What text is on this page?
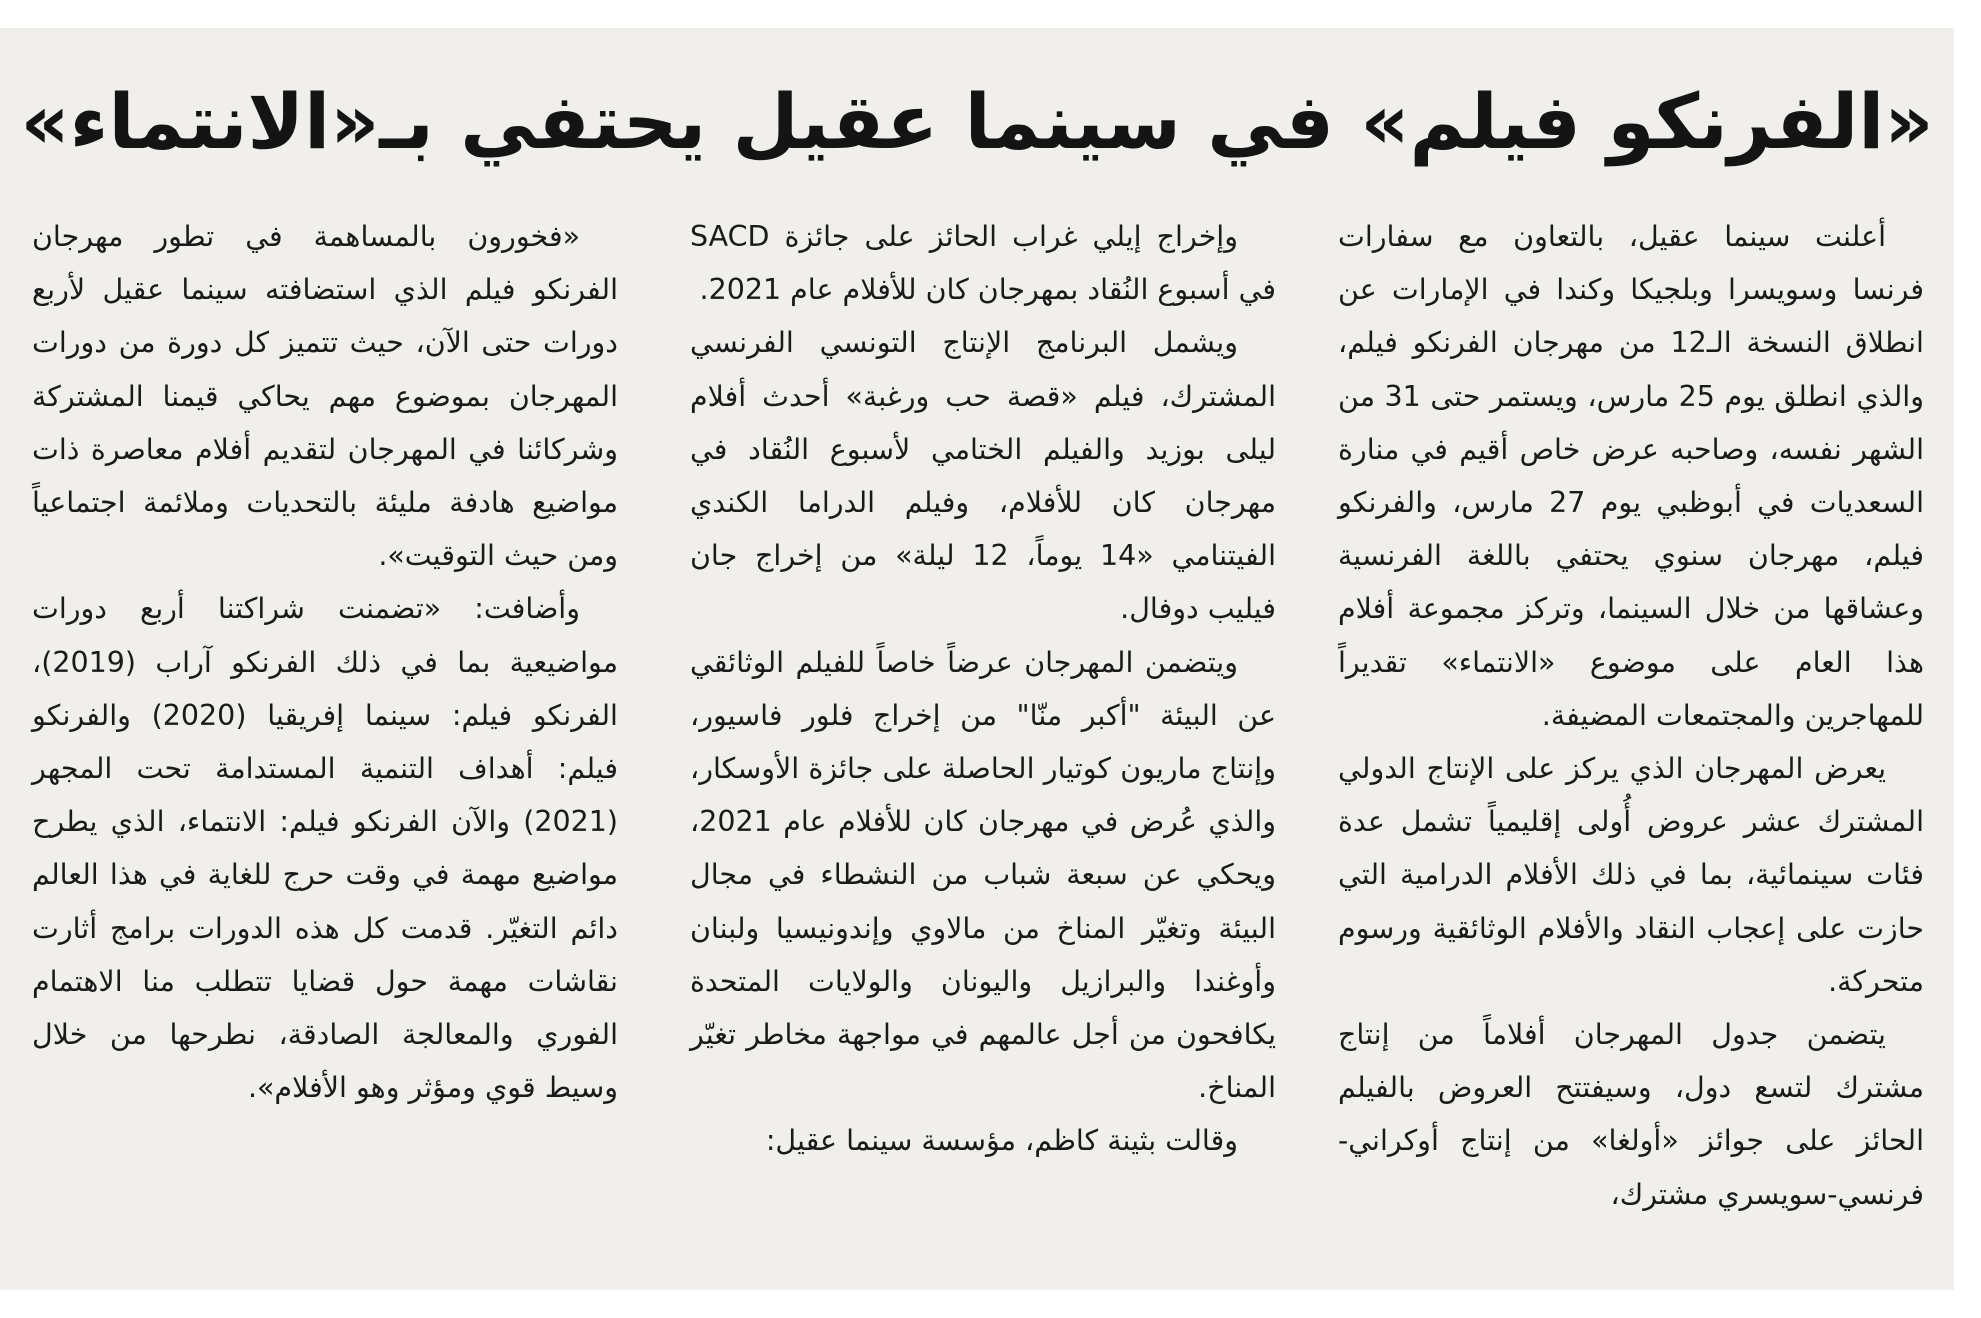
«الفرنكو فيلم» في سينما عقيل يحتفي بـ«الانتماء»

أعلنت سينما عقيل، بالتعاون مع سفارات فرنسا وسويسرا وبلجيكا وكندا في الإمارات عن انطلاق النسخة الـ12 من مهرجان الفرنكو فيلم، والذي انطلق يوم 25 مارس، ويستمر حتى 31 من الشهر نفسه، وصاحبه عرض خاص أقيم في منارة السعديات في أبوظبي يوم 27 مارس، والفرنكو فيلم، مهرجان سنوي يحتفي باللغة الفرنسية وعشاقها من خلال السينما، وتركز مجموعة أفلام هذا العام على موضوع «الانتماء» تقديراً للمهاجرين والمجتمعات المضيفة.

يعرض المهرجان الذي يركز على الإنتاج الدولي المشترك عشر عروض أُولى إقليمياً تشمل عدة فئات سينمائية، بما في ذلك الأفلام الدرامية التي حازت على إعجاب النقاد والأفلام الوثائقية ورسوم متحركة.

يتضمن جدول المهرجان أفلاماً من إنتاج مشترك لتسع دول، وسيفتتح العروض بالفيلم الحائز على جوائز «أولغا» من إنتاج أوكراني- فرنسي-سويسري مشترك،

وإخراج إيلي غراب الحائز على جائزة SACD في أسبوع النُقاد بمهرجان كان للأفلام عام 2021.

ويشمل البرنامج الإنتاج التونسي الفرنسي المشترك، فيلم «قصة حب ورغبة» أحدث أفلام ليلى بوزيد والفيلم الختامي لأسبوع النُقاد في مهرجان كان للأفلام، وفيلم الدراما الكندي الفيتنامي «14 يوماً، 12 ليلة» من إخراج جان فيليب دوفال.

ويتضمن المهرجان عرضاً خاصاً للفيلم الوثائقي عن البيئة "أكبر منّا" من إخراج فلور فاسيور، وإنتاج ماريون كوتيار الحاصلة على جائزة الأوسكار، والذي عُرض في مهرجان كان للأفلام عام 2021، ويحكي عن سبعة شباب من النشطاء في مجال البيئة وتغيّر المناخ من مالاوي وإندونيسيا ولبنان وأوغندا والبرازيل واليونان والولايات المتحدة يكافحون من أجل عالمهم في مواجهة مخاطر تغيّر المناخ.

وقالت بثينة كاظم، مؤسسة سينما عقيل:

«فخورون بالمساهمة في تطور مهرجان الفرنكو فيلم الذي استضافته سينما عقيل لأربع دورات حتى الآن، حيث تتميز كل دورة من دورات المهرجان بموضوع مهم يحاكي قيمنا المشتركة وشركائنا في المهرجان لتقديم أفلام معاصرة ذات مواضيع هادفة مليئة بالتحديات وملائمة اجتماعياً ومن حيث التوقيت».

وأضافت: «تضمنت شراكتنا أربع دورات مواضيعية بما في ذلك الفرنكو آراب (2019)، الفرنكو فيلم: سينما إفريقيا (2020) والفرنكو فيلم: أهداف التنمية المستدامة تحت المجهر (2021) والآن الفرنكو فيلم: الانتماء، الذي يطرح مواضيع مهمة في وقت حرج للغاية في هذا العالم دائم التغيّر. قدمت كل هذه الدورات برامج أثارت نقاشات مهمة حول قضايا تتطلب منا الاهتمام الفوري والمعالجة الصادقة، نطرحها من خلال وسيط قوي ومؤثر وهو الأفلام».
